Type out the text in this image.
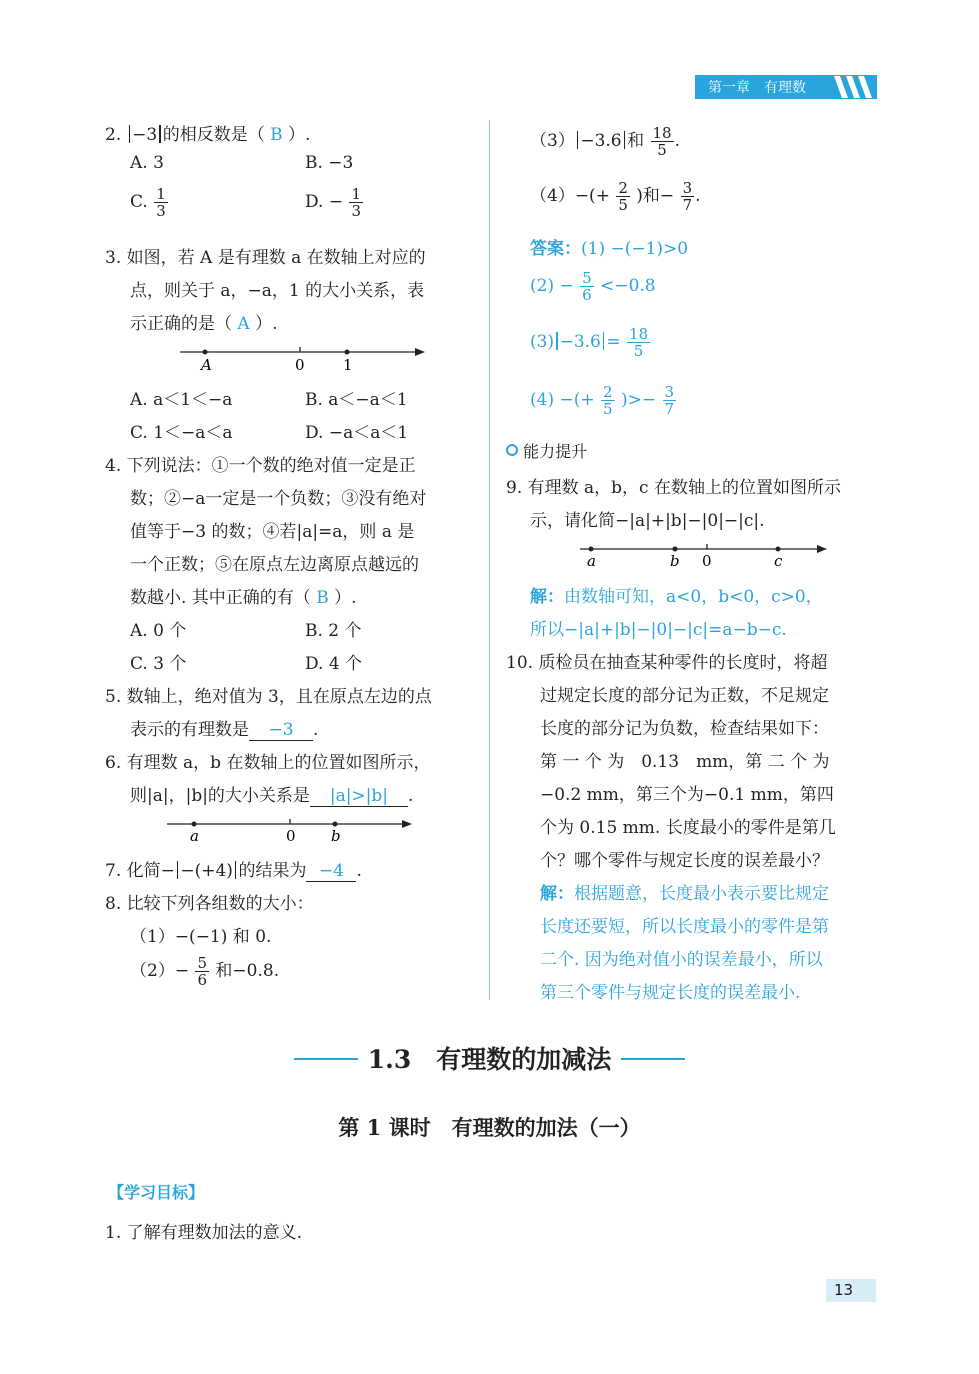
第一章　有理数
2. −3 的相反数是（ B ）.
A. 3	B. −3
C. $\frac{1}{3}$	D. − $\frac{1}{3}$
3. 如图，若 A 是有理数 a 在数轴上对应的
点，则关于 a，−a，1 的大小关系，表
示正确的是（ A ）.
A	0	1
A. a＜1＜−a	B. a＜−a＜1
C. 1＜−a＜a	D. −a＜a＜1
4. 下列说法：①一个数的绝对值一定是正
数；②−a一定是一个负数；③没有绝对
值等于−3 的数；④若|a|=a，则 a 是
一个正数；⑤在原点左边离原点越远的
数越小. 其中正确的有（ B ）.
A. 0 个	B. 2 个
C. 3 个	D. 4 个
5. 数轴上，绝对值为 3，且在原点左边的点
表示的有理数是 −3 .
6. 有理数 a，b 在数轴上的位置如图所示，
则|a|，|b|的大小关系是 |a|>|b| .
a	0 b
7. 化简− −(+4) 的结果为 −4 .
8. 比较下列各组数的大小：
（1）−(−1) 和 0.
$(2)- \frac{5}{6}$ 和−0.8.
（3） −3.6 和 $\frac{18}{5}$ .
$(4)-(+ \frac{2}{5}$ )和− $\frac{3}{7}$ .
答案：(1) −(−1)>0
$(2) - \frac{5}{6} <-0.8$
$(3) -3.6 = \frac{18}{5}$
(4) −(+ $\frac{2}{5}$ )>− $\frac{3}{7}$
能力提升
9. 有理数 a，b，c 在数轴上的位置如图所示
示，请化简−|a|+|b|−|0|−|c|.
a	b 0	c
解：由数轴可知，a<0，b<0，c>0，
所以−|a|+|b|−|0|−|c|=a−b−c.
10. 质检员在抽查某种零件的长度时，将超
过规定长度的部分记为正数，不足规定
长度的部分记为负数，检查结果如下：
第 一 个 为　0.13　mm，第 二 个 为
−0.2 mm，第三个为−0.1 mm，第四
个为 0.15 mm. 长度最小的零件是第几
个？哪个零件与规定长度的误差最小？
解：根据题意，长度最小表示要比规定
长度还要短，所以长度最小的零件是第
二个. 因为绝对值小的误差最小，所以
第三个零件与规定长度的误差最小.
1.3　有理数的加减法
第 1 课时　有理数的加法（一）
【学习目标】
1. 了解有理数加法的意义.
13
